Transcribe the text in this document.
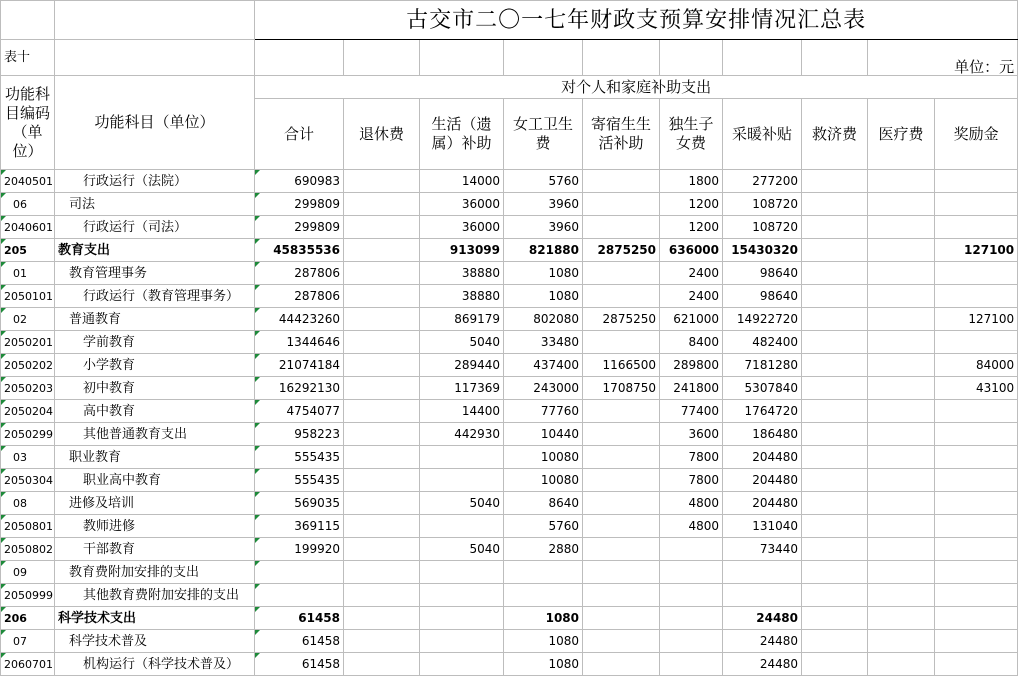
		古交市二〇一七年财政支预算安排情况汇总表										
表十										单位：元		
功能科目编码（单位）	功能科目（单位）	对个人和家庭补助支出										
		合计	退休费	生活（遗属）补助	女工卫生费	寄宿生生活补助	独生子女费	采暖补贴	救济费	医疗费	奖励金	
2040501	行政运行（法院）	690983		14000	5760		1800	277200				
06	司法	299809		36000	3960		1200	108720				
2040601	行政运行（司法）	299809		36000	3960		1200	108720				
205	教育支出	45835536		913099	821880	2875250	636000	15430320			127100	
01	教育管理事务	287806		38880	1080		2400	98640				
2050101	行政运行（教育管理事务）	287806		38880	1080		2400	98640				
02	普通教育	44423260		869179	802080	2875250	621000	14922720			127100	
2050201	学前教育	1344646		5040	33480		8400	482400				
2050202	小学教育	21074184		289440	437400	1166500	289800	7181280			84000	
2050203	初中教育	16292130		117369	243000	1708750	241800	5307840			43100	
2050204	高中教育	4754077		14400	77760		77400	1764720				
2050299	其他普通教育支出	958223		442930	10440		3600	186480				
03	职业教育	555435			10080		7800	204480				
2050304	职业高中教育	555435			10080		7800	204480				
08	进修及培训	569035		5040	8640		4800	204480				
2050801	教师进修	369115			5760		4800	131040				
2050802	干部教育	199920		5040	2880			73440				
09	教育费附加安排的支出											
2050999	其他教育费附加安排的支出											
206	科学技术支出	61458			1080			24480				
07	科学技术普及	61458			1080			24480				
2060701	机构运行（科学技术普及）	61458			1080			24480				
